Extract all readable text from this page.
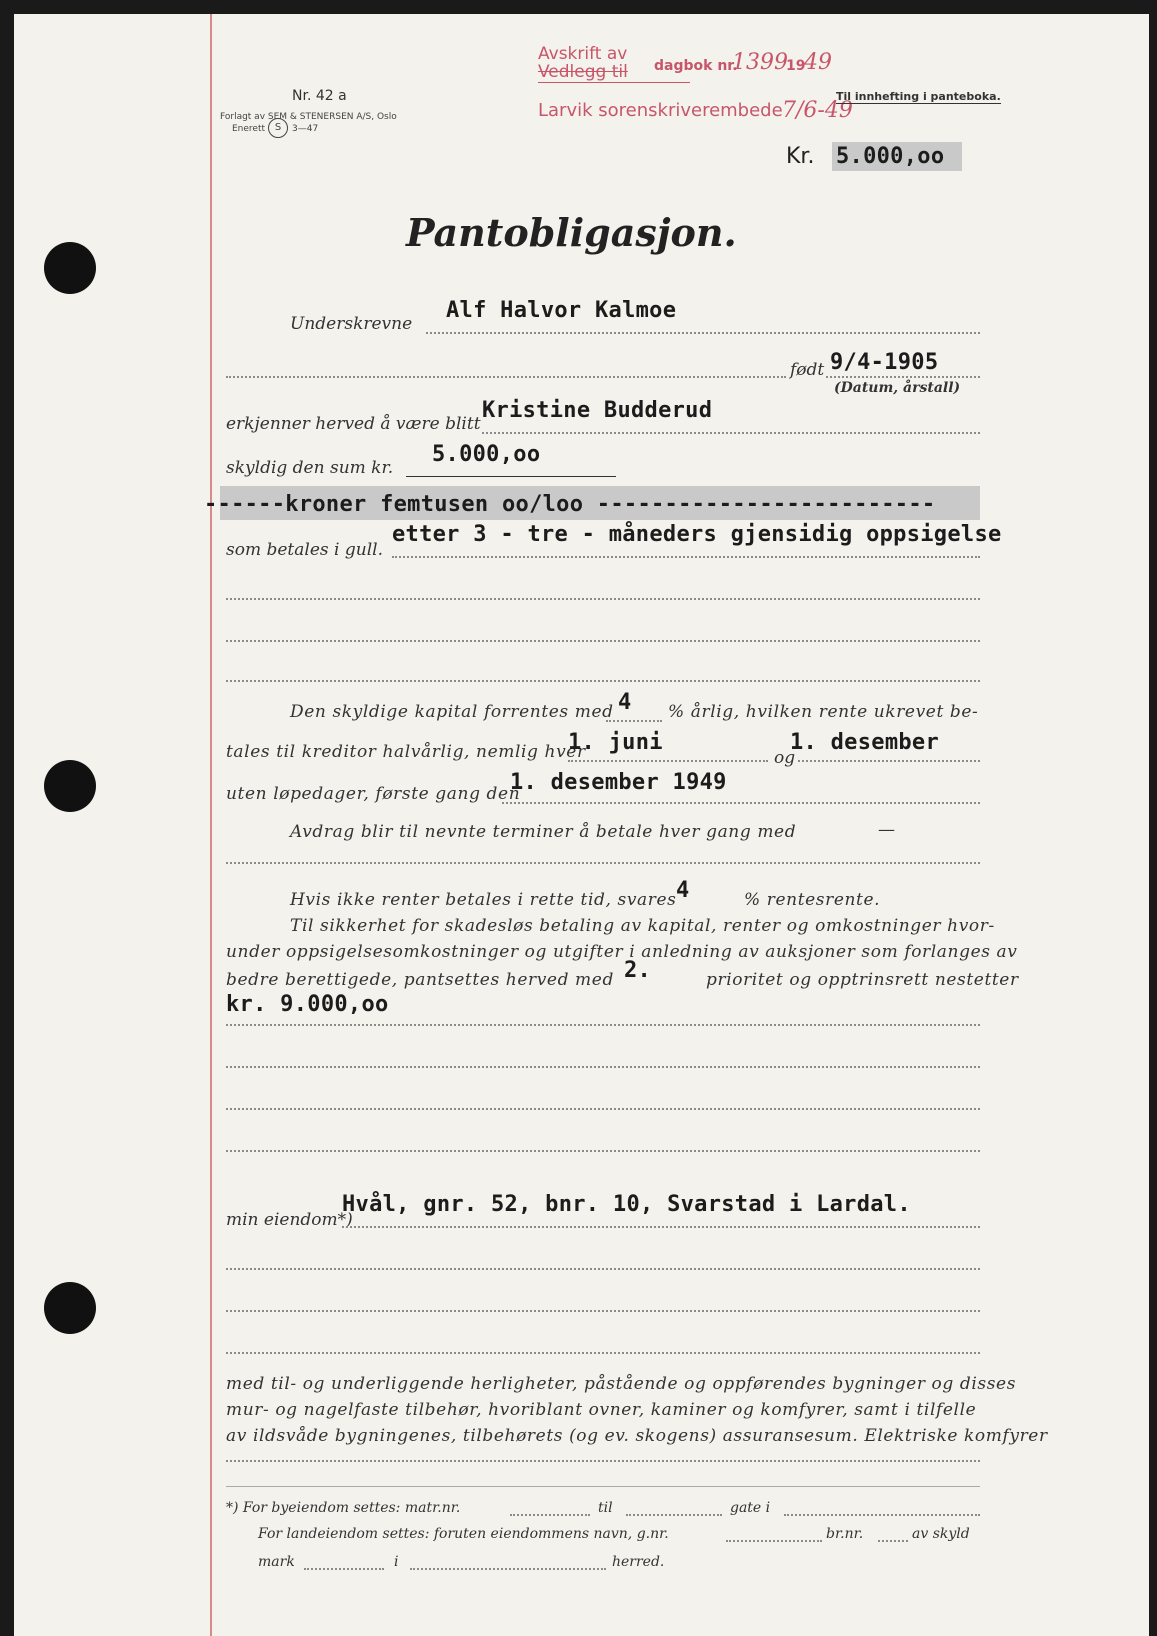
Nr. 42 a
Forlagt av SEM & STENERSEN A/S, Oslo
Enerett S	3—47
Avskrift av
Vedlegg til dagbok nr.
1399
19
49
Larvik sorenskriverembede 7/6-49
Til innhefting i panteboka.
Kr. 5.000,oo
Pantobligasjon.
Underskrevne
Alf Halvor Kalmoe
født 9/4-1905
(Datum, årstall)
erkjenner herved å være blitt
Kristine Budderud
skyldig den sum kr.
5.000,oo
------kroner femtusen oo/loo -------------------------
som betales i gull.
etter 3 - tre - måneders gjensidig oppsigelse
Den skyldige kapital forrentes med 4 % årlig, hvilken rente ukrevet be-
tales til kreditor halvårlig, nemlig hver
1. juni
og
1. desember
uten løpedager, første gang den
1. desember 1949
Avdrag blir til nevnte terminer å betale hver gang med	—
Hvis ikke renter betales i rette tid, svares 4	% rentesrente.
Til sikkerhet for skadesløs betaling av kapital, renter og omkostninger hvor-
under oppsigelsesomkostninger og utgifter i anledning av auksjoner som forlanges av
bedre berettigede, pantsettes herved med 2.	prioritet og opptrinsrett nestetter
kr. 9.000,oo
min eiendom*)
Hvål, gnr. 52, bnr. 10, Svarstad i Lardal.
med til- og underliggende herligheter, påstående og oppførendes bygninger og disses
mur- og nagelfaste tilbehør, hvoriblant ovner, kaminer og komfyrer, samt i tilfelle
av ildsvåde bygningenes, tilbehørets (og ev. skogens) assuransesum. Elektriske komfyrer
*) For byeiendom settes: matr.nr.	til	gate i
For landeiendom settes: foruten eiendommens navn, g.nr.	br.nr.	av skyld
mark	i	herred.
